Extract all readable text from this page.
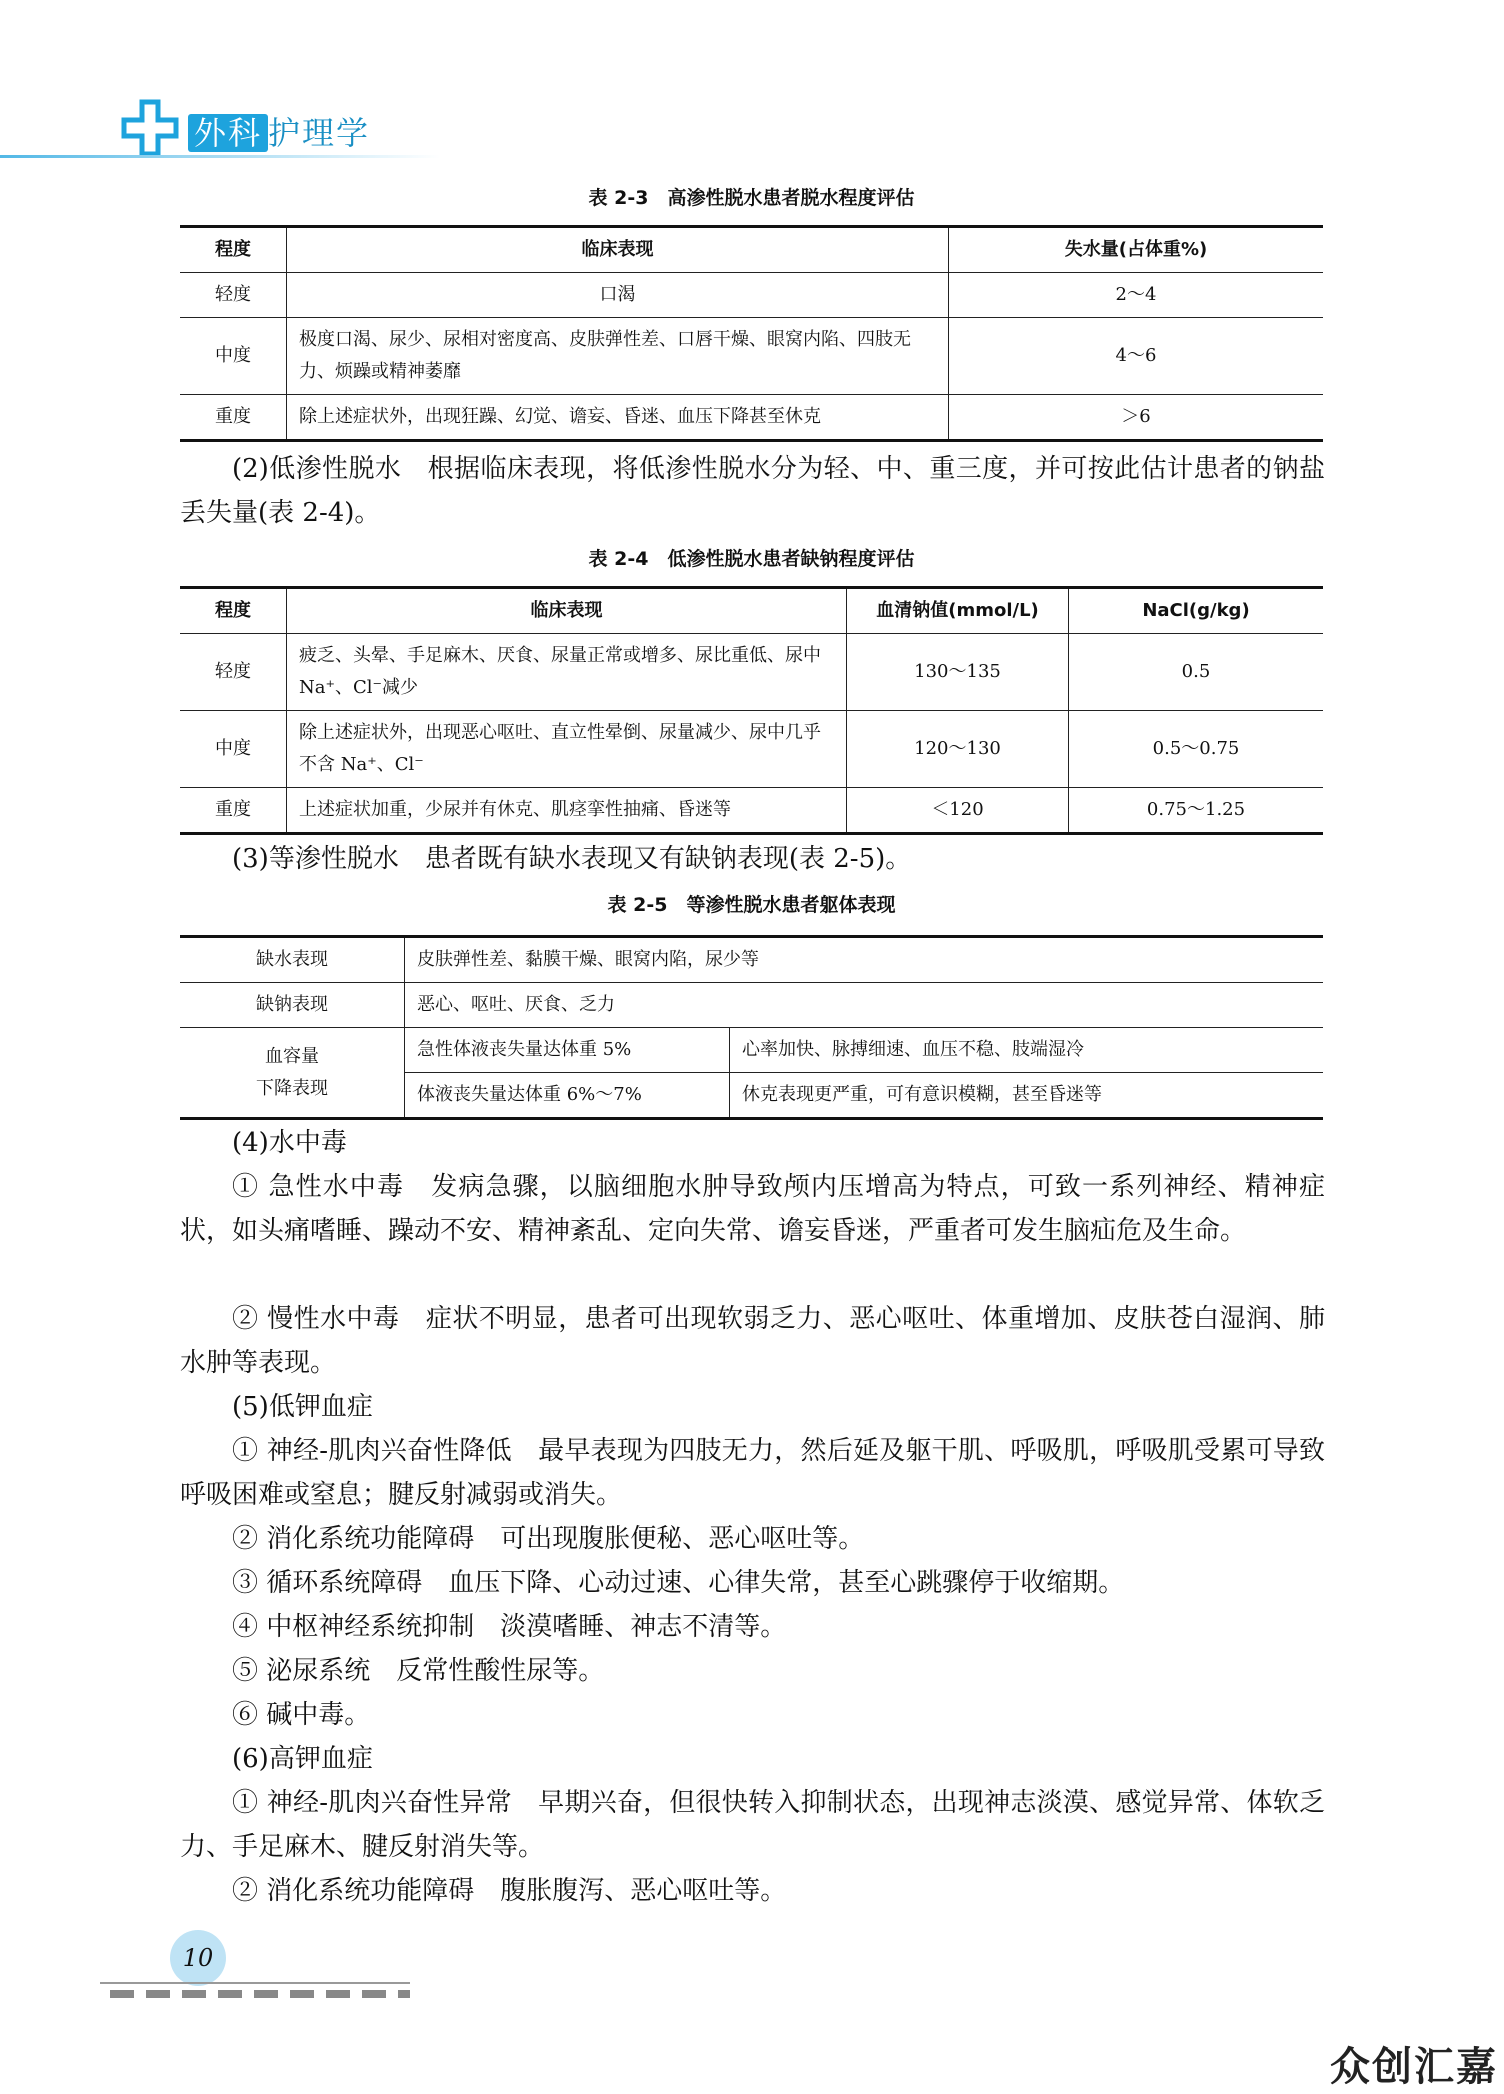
外科 护理学
表 2-3　高渗性脱水患者脱水程度评估
程度	临床表现	失水量(占体重%)
轻度	口渴	2～4
中度	极度口渴、尿少、尿相对密度高、皮肤弹性差、口唇干燥、眼窝内陷、四肢无力、烦躁或精神萎靡	4～6
重度	除上述症状外，出现狂躁、幻觉、谵妄、昏迷、血压下降甚至休克	＞6
(2)低渗性脱水　根据临床表现，将低渗性脱水分为轻、中、重三度，并可按此估计患者的钠盐丢失量(表 2-4)。
表 2-4　低渗性脱水患者缺钠程度评估
程度	临床表现	血清钠值(mmol/L)	NaCl(g/kg)
轻度	疲乏、头晕、手足麻木、厌食、尿量正常或增多、尿比重低、尿中 Na⁺、Cl⁻减少	130～135	0.5
中度	除上述症状外，出现恶心呕吐、直立性晕倒、尿量减少、尿中几乎不含 Na⁺、Cl⁻	120～130	0.5～0.75
重度	上述症状加重，少尿并有休克、肌痉挛性抽痛、昏迷等	＜120	0.75～1.25
(3)等渗性脱水　患者既有缺水表现又有缺钠表现(表 2-5)。
表 2-5　等渗性脱水患者躯体表现
缺水表现	皮肤弹性差、黏膜干燥、眼窝内陷，尿少等	
缺钠表现	恶心、呕吐、厌食、乏力	

血容量
下降表现	急性体液丧失量达体重 5%	心率加快、脉搏细速、血压不稳、肢端湿冷
	体液丧失量达体重 6%～7%	休克表现更严重，可有意识模糊，甚至昏迷等
(4)水中毒
① 急性水中毒　发病急骤，以脑细胞水肿导致颅内压增高为特点，可致一系列神经、精神症状，如头痛嗜睡、躁动不安、精神紊乱、定向失常、谵妄昏迷，严重者可发生脑疝危及生命。
② 慢性水中毒　症状不明显，患者可出现软弱乏力、恶心呕吐、体重增加、皮肤苍白湿润、肺水肿等表现。
(5)低钾血症
① 神经-肌肉兴奋性降低　最早表现为四肢无力，然后延及躯干肌、呼吸肌，呼吸肌受累可导致呼吸困难或窒息；腱反射减弱或消失。
② 消化系统功能障碍　可出现腹胀便秘、恶心呕吐等。
③ 循环系统障碍　血压下降、心动过速、心律失常，甚至心跳骤停于收缩期。
④ 中枢神经系统抑制　淡漠嗜睡、神志不清等。
⑤ 泌尿系统　反常性酸性尿等。
⑥ 碱中毒。
(6)高钾血症
① 神经-肌肉兴奋性异常　早期兴奋，但很快转入抑制状态，出现神志淡漠、感觉异常、体软乏力、手足麻木、腱反射消失等。
② 消化系统功能障碍　腹胀腹泻、恶心呕吐等。
10
众创汇嘉
